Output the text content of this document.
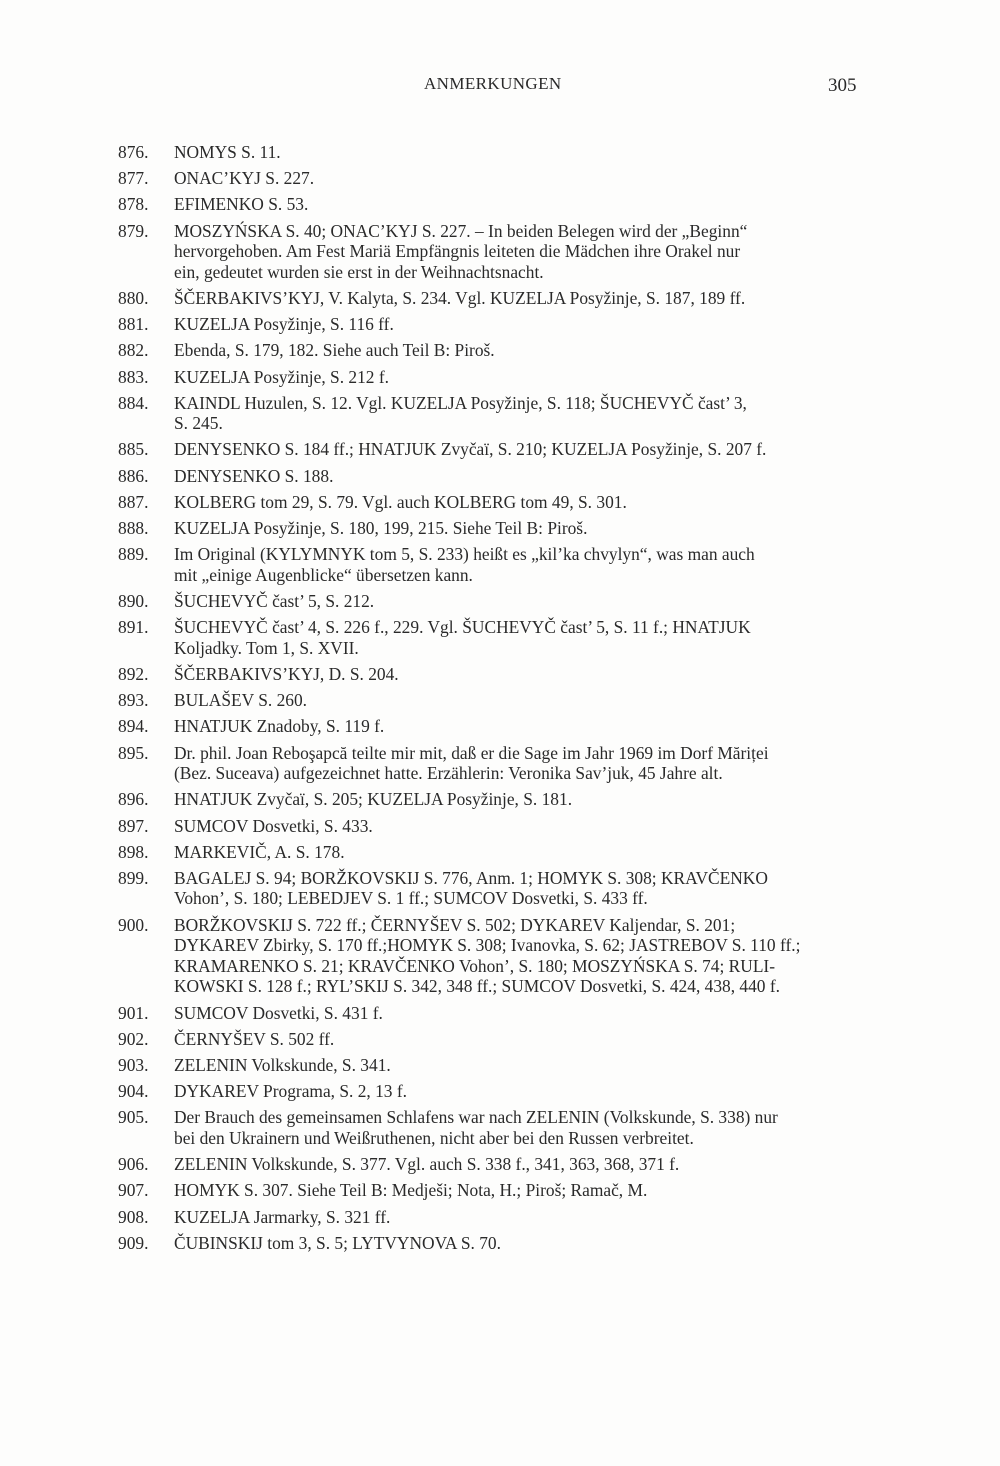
ANMERKUNGEN	305
876.	NOMYS S. 11.
877.	ONAC’KYJ S. 227.
878.	EFIMENKO S. 53.
879.	MOSZYŃSKA S. 40; ONAC’KYJ S. 227. – In beiden Belegen wird der „Beginn“
hervorgehoben. Am Fest Mariä Empfängnis leiteten die Mädchen ihre Orakel nur
ein, gedeutet wurden sie erst in der Weihnachtsnacht.
880.	ŠČERBAKIVS’KYJ, V. Kalyta, S. 234. Vgl. KUZELJA Posyžinje, S. 187, 189 ff.
881.	KUZELJA Posyžinje, S. 116 ff.
882.	Ebenda, S. 179, 182. Siehe auch Teil B: Piroš.
883.	KUZELJA Posyžinje, S. 212 f.
884.	KAINDL Huzulen, S. 12. Vgl. KUZELJA Posyžinje, S. 118; ŠUCHEVYČ čast’ 3,
S. 245.
885.	DENYSENKO S. 184 ff.; HNATJUK Zvyčaï, S. 210; KUZELJA Posyžinje, S. 207 f.
886.	DENYSENKO S. 188.
887.	KOLBERG tom 29, S. 79. Vgl. auch KOLBERG tom 49, S. 301.
888.	KUZELJA Posyžinje, S. 180, 199, 215. Siehe Teil B: Piroš.
889.	Im Original (KYLYMNYK tom 5, S. 233) heißt es „kil’ka chvylyn“, was man auch
mit „einige Augenblicke“ übersetzen kann.
890.	ŠUCHEVYČ čast’ 5, S. 212.
891.	ŠUCHEVYČ čast’ 4, S. 226 f., 229. Vgl. ŠUCHEVYČ čast’ 5, S. 11 f.; HNATJUK
Koljadky. Tom 1, S. XVII.
892.	ŠČERBAKIVS’KYJ, D. S. 204.
893.	BULAŠEV S. 260.
894.	HNATJUK Znadoby, S. 119 f.
895.	Dr. phil. Joan Reboşapcă teilte mir mit, daß er die Sage im Jahr 1969 im Dorf Măriței
(Bez. Suceava) aufgezeichnet hatte. Erzählerin: Veronika Sav’juk, 45 Jahre alt.
896.	HNATJUK Zvyčaï, S. 205; KUZELJA Posyžinje, S. 181.
897.	SUMCOV Dosvetki, S. 433.
898.	MARKEVIČ, A. S. 178.
899.	BAGALEJ S. 94; BORŽKOVSKIJ S. 776, Anm. 1; HOMYK S. 308; KRAVČENKO
Vohon’, S. 180; LEBEDJEV S. 1 ff.; SUMCOV Dosvetki, S. 433 ff.
900.	BORŽKOVSKIJ S. 722 ff.; ČERNYŠEV S. 502; DYKAREV Kaljendar, S. 201;
DYKAREV Zbirky, S. 170 ff.;HOMYK S. 308; Ivanovka, S. 62; JASTREBOV S. 110 ff.;
KRAMARENKO S. 21; KRAVČENKO Vohon’, S. 180; MOSZYŃSKA S. 74; RULI-
KOWSKI S. 128 f.; RYL’SKIJ S. 342, 348 ff.; SUMCOV Dosvetki, S. 424, 438, 440 f.
901.	SUMCOV Dosvetki, S. 431 f.
902.	ČERNYŠEV S. 502 ff.
903.	ZELENIN Volkskunde, S. 341.
904.	DYKAREV Programa, S. 2, 13 f.
905.	Der Brauch des gemeinsamen Schlafens war nach ZELENIN (Volkskunde, S. 338) nur
bei den Ukrainern und Weißruthenen, nicht aber bei den Russen verbreitet.
906.	ZELENIN Volkskunde, S. 377. Vgl. auch S. 338 f., 341, 363, 368, 371 f.
907.	HOMYK S. 307. Siehe Teil B: Medješi; Nota, H.; Piroš; Ramač, M.
908.	KUZELJA Jarmarky, S. 321 ff.
909.	ČUBINSKIJ tom 3, S. 5; LYTVYNOVA S. 70.
